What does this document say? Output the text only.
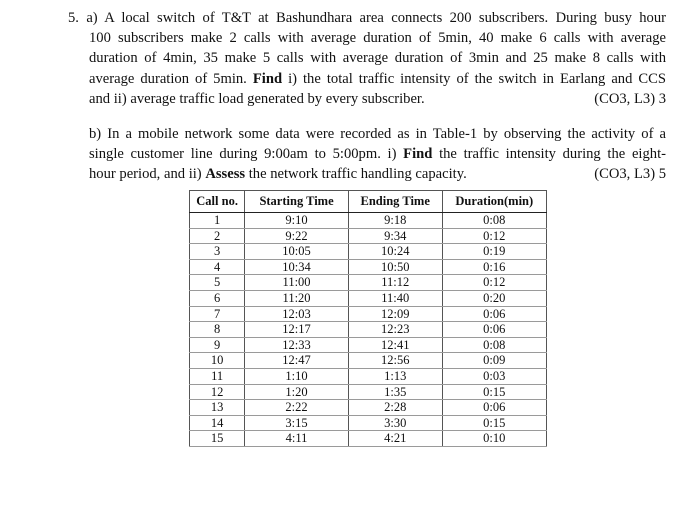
5. a) A local switch of T&T at Bashundhara area connects 200 subscribers. During busy hour
100 subscribers make 2 calls with average duration of 5min, 40 make 6 calls with average
duration of 4min, 35 make 5 calls with average duration of 3min and 25 make 8 calls with
average duration of 5min. Find i) the total traffic intensity of the switch in Earlang and CCS
and ii) average traffic load generated by every subscriber.	(CO3, L3) 3
b) In a mobile network some data were recorded as in Table-1 by observing the activity of a
single customer line during 9:00am to 5:00pm. i) Find the traffic intensity during the eight-
hour period, and ii) Assess the network traffic handling capacity.	(CO3, L3) 5
Call no.	Starting Time	Ending Time	Duration(min)
1	9:10	9:18	0:08
2	9:22	9:34	0:12
3	10:05	10:24	0:19
4	10:34	10:50	0:16
5	11:00	11:12	0:12
6	11:20	11:40	0:20
7	12:03	12:09	0:06
8	12:17	12:23	0:06
9	12:33	12:41	0:08
10	12:47	12:56	0:09
11	1:10	1:13	0:03
12	1:20	1:35	0:15
13	2:22	2:28	0:06
14	3:15	3:30	0:15
15	4:11	4:21	0:10
